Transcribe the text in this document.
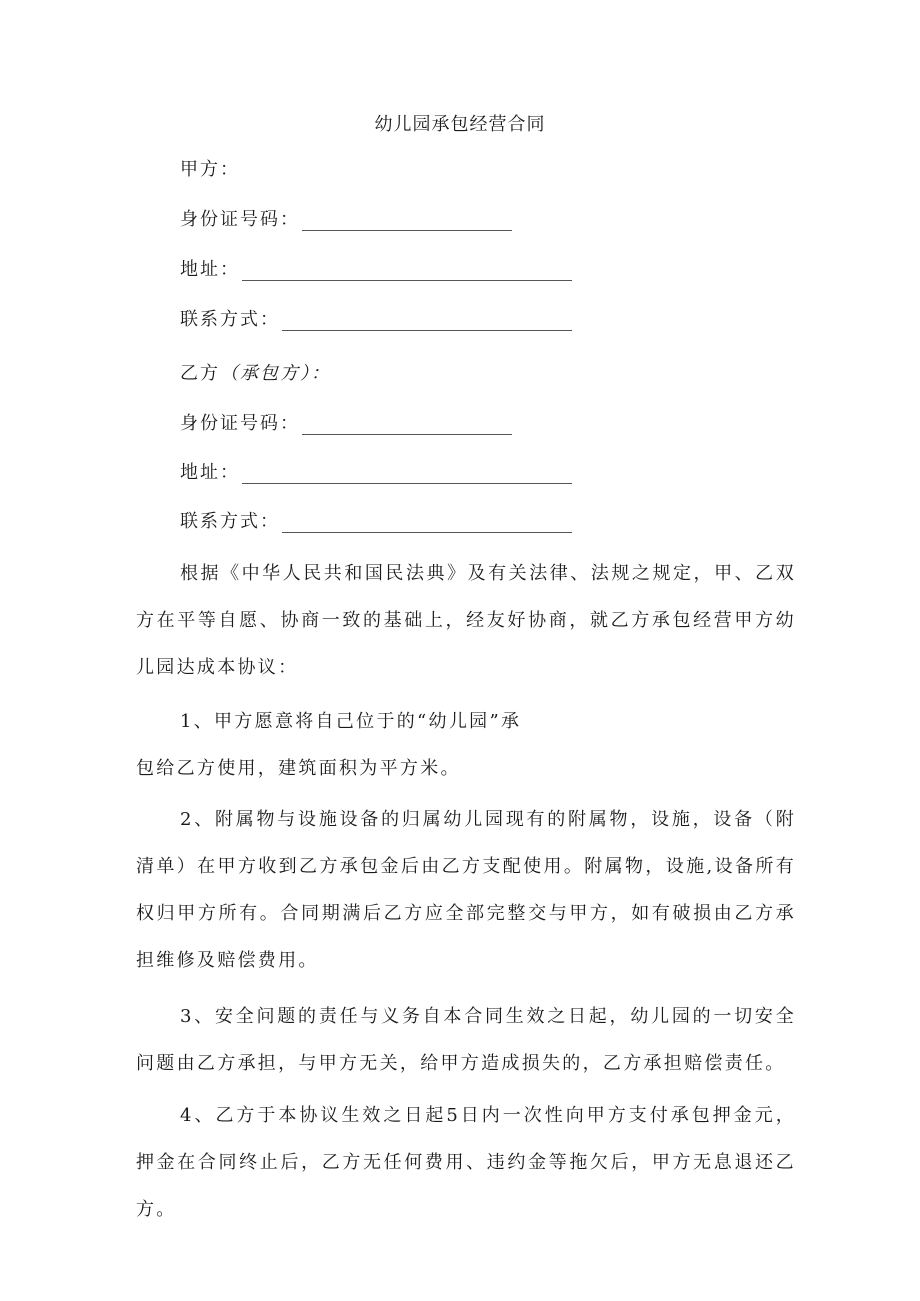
幼儿园承包经营合同
甲方：
身份证号码：
地址：
联系方式：
乙方 （承包方）：
身份证号码：
地址：
联系方式：
根据《中华人民共和国民法典》及有关法律、法规之规定，甲、乙双方在平等自愿、协商一致的基础上，经友好协商，就乙方承包经营甲方幼儿园达成本协议：
1、甲方愿意将自己位于的“幼儿园”承
包给乙方使用，建筑面积为平方米。
2、附属物与设施设备的归属幼儿园现有的附属物，设施，设备（附清单）在甲方收到乙方承包金后由乙方支配使用。附属物，设施,设备所有权归甲方所有。合同期满后乙方应全部完整交与甲方，如有破损由乙方承担维修及赔偿费用。
3、安全问题的责任与义务自本合同生效之日起，幼儿园的一切安全问题由乙方承担，与甲方无关，给甲方造成损失的，乙方承担赔偿责任。
4、乙方于本协议生效之日起5日内一次性向甲方支付承包押金元，押金在合同终止后，乙方无任何费用、违约金等拖欠后，甲方无息退还乙方。
